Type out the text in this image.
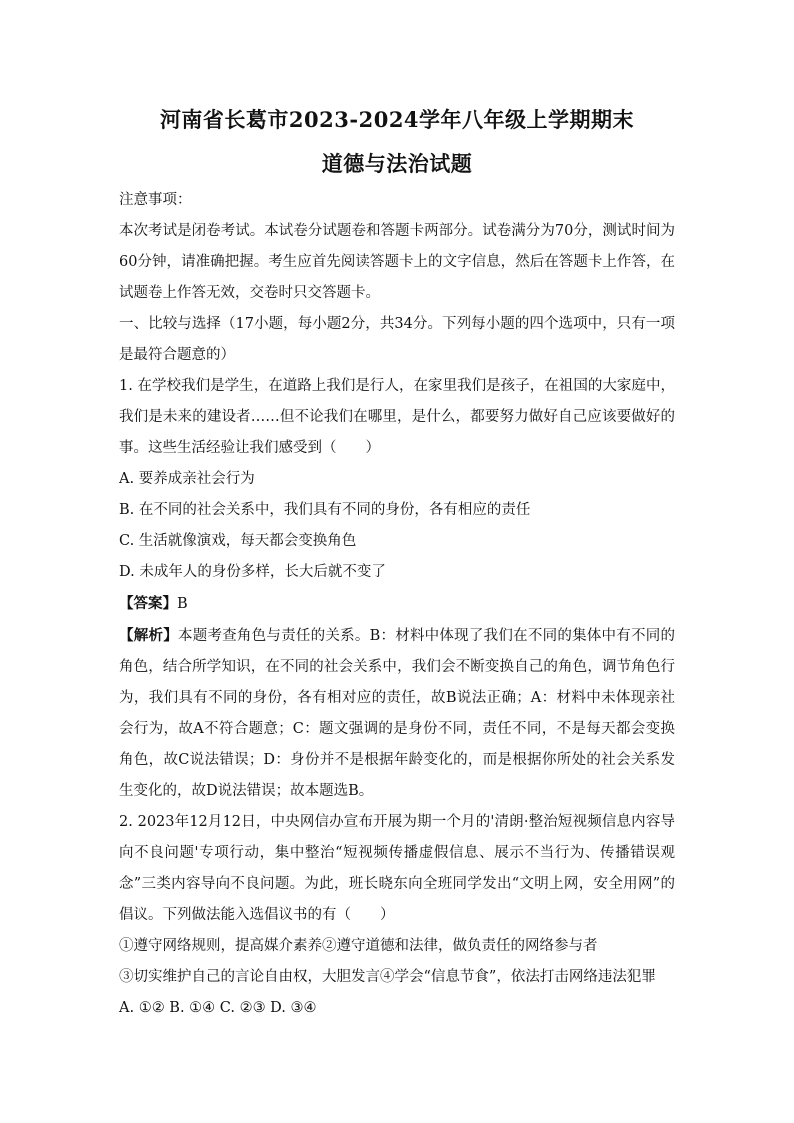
河南省长葛市2023-2024学年八年级上学期期末
道德与法治试题

注意事项：

本次考试是闭卷考试。本试卷分试题卷和答题卡两部分。试卷满分为70分，测试时间为60分钟，请准确把握。考生应首先阅读答题卡上的文字信息，然后在答题卡上作答，在试题卷上作答无效，交卷时只交答题卡。

一、比较与选择（17小题，每小题2分，共34分。下列每小题的四个选项中，只有一项是最符合题意的）

1. 在学校我们是学生，在道路上我们是行人，在家里我们是孩子，在祖国的大家庭中，我们是未来的建设者……但不论我们在哪里，是什么，都要努力做好自己应该要做好的事。这些生活经验让我们感受到（　　）

A. 要养成亲社会行为

B. 在不同的社会关系中，我们具有不同的身份，各有相应的责任

C. 生活就像演戏，每天都会变换角色

D. 未成年人的身份多样，长大后就不变了

【答案】B

【解析】本题考查角色与责任的关系。B：材料中体现了我们在不同的集体中有不同的角色，结合所学知识，在不同的社会关系中，我们会不断变换自己的角色，调节角色行为，我们具有不同的身份，各有相对应的责任，故B说法正确；A：材料中未体现亲社会行为，故A不符合题意；C：题文强调的是身份不同，责任不同，不是每天都会变换角色，故C说法错误；D：身份并不是根据年龄变化的，而是根据你所处的社会关系发生变化的，故D说法错误；故本题选B。

2. 2023年12月12日，中央网信办宣布开展为期一个月的'清朗·整治短视频信息内容导向不良问题'专项行动，集中整治“短视频传播虚假信息、展示不当行为、传播错误观念”三类内容导向不良问题。为此，班长晓东向全班同学发出“文明上网，安全用网”的倡议。下列做法能入选倡议书的有（　　）

①遵守网络规则，提高媒介素养②遵守道德和法律，做负责任的网络参与者

③切实维护自己的言论自由权，大胆发言④学会“信息节食”，依法打击网络违法犯罪

A. ①② B. ①④ C. ②③ D. ③④
